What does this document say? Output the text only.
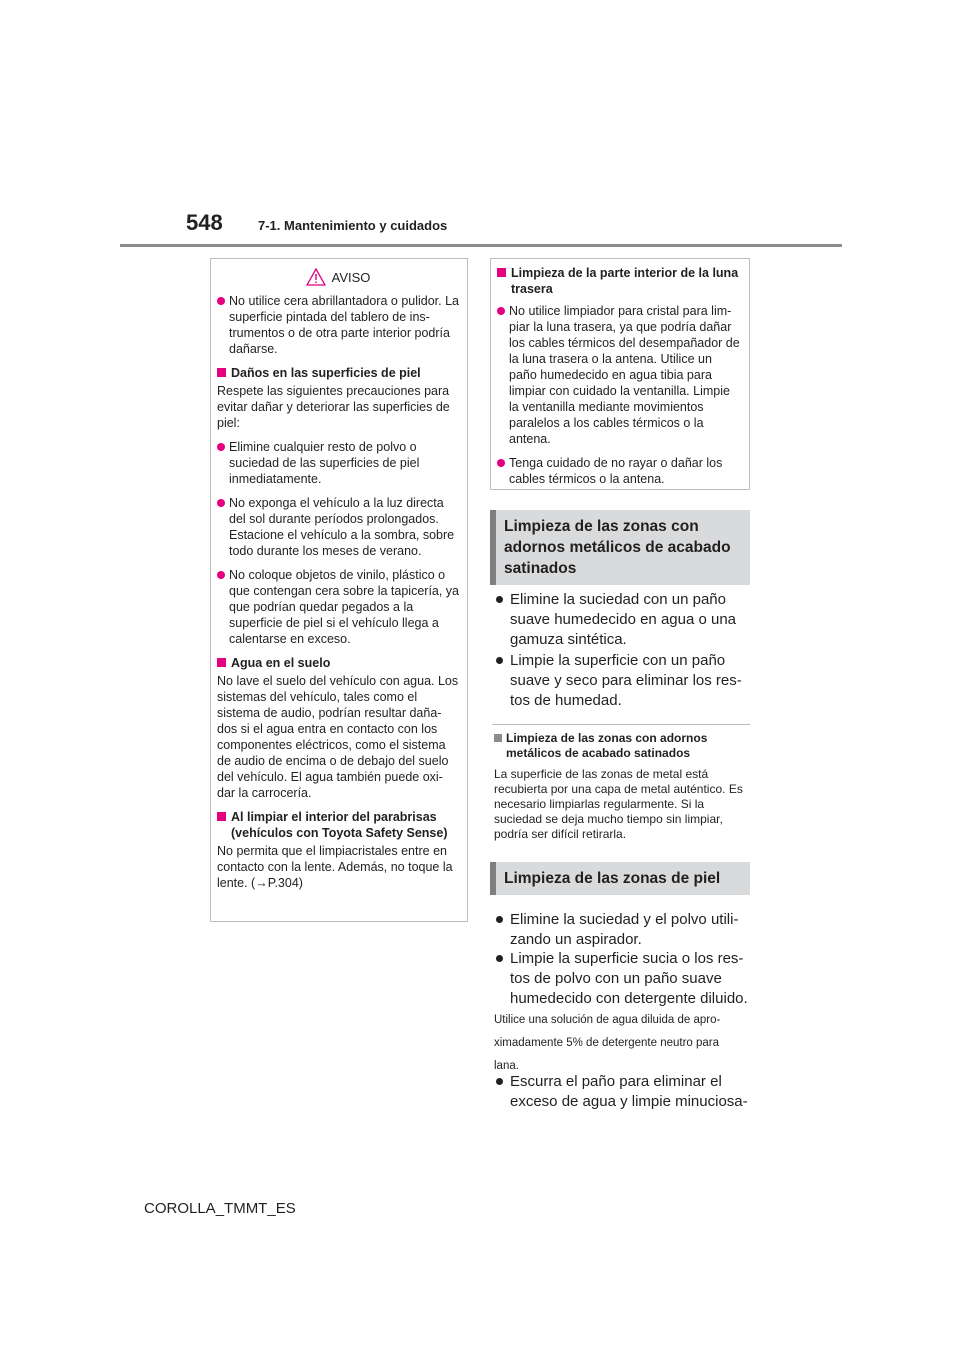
548	7-1. Mantenimiento y cuidados
AVISO
No utilice cera abrillantadora o pulidor. La superficie pintada del tablero de ins-trumentos o de otra parte interior podría dañarse.
Daños en las superficies de piel
Respete las siguientes precauciones para evitar dañar y deteriorar las superficies de piel:
Elimine cualquier resto de polvo o suciedad de las superficies de piel inmediatamente.
No exponga el vehículo a la luz directa del sol durante períodos prolongados. Estacione el vehículo a la sombra, sobre todo durante los meses de verano.
No coloque objetos de vinilo, plástico o que contengan cera sobre la tapicería, ya que podrían quedar pegados a la superficie de piel si el vehículo llega a calentarse en exceso.
Agua en el suelo
No lave el suelo del vehículo con agua. Los sistemas del vehículo, tales como el sistema de audio, podrían resultar daña-dos si el agua entra en contacto con los componentes eléctricos, como el sistema de audio de encima o de debajo del suelo del vehículo. El agua también puede oxi-dar la carrocería.
Al limpiar el interior del parabrisas (vehículos con Toyota Safety Sense)
No permita que el limpiacristales entre en contacto con la lente. Además, no toque la lente. (→P.304)
Limpieza de la parte interior de la luna trasera
No utilice limpiador para cristal para lim-piar la luna trasera, ya que podría dañar los cables térmicos del desempañador de la luna trasera o la antena. Utilice un paño humedecido en agua tibia para limpiar con cuidado la ventanilla. Limpie la ventanilla mediante movimientos paralelos a los cables térmicos o la antena.
Tenga cuidado de no rayar o dañar los cables térmicos o la antena.
Limpieza de las zonas con adornos metálicos de acabado satinados
Elimine la suciedad con un paño suave humedecido en agua o una gamuza sintética.
Limpie la superficie con un paño suave y seco para eliminar los res-tos de humedad.
Limpieza de las zonas con adornos metálicos de acabado satinados
La superficie de las zonas de metal está recubierta por una capa de metal auténtico. Es necesario limpiarlas regularmente. Si la suciedad se deja mucho tiempo sin limpiar, podría ser difícil retirarla.
Limpieza de las zonas de piel
Elimine la suciedad y el polvo utili-zando un aspirador.
Limpie la superficie sucia o los res-tos de polvo con un paño suave humedecido con detergente diluido.
Utilice una solución de agua diluida de apro-
ximadamente 5% de detergente neutro para
lana.
Escurra el paño para eliminar el exceso de agua y limpie minuciosa-
COROLLA_TMMT_ES
